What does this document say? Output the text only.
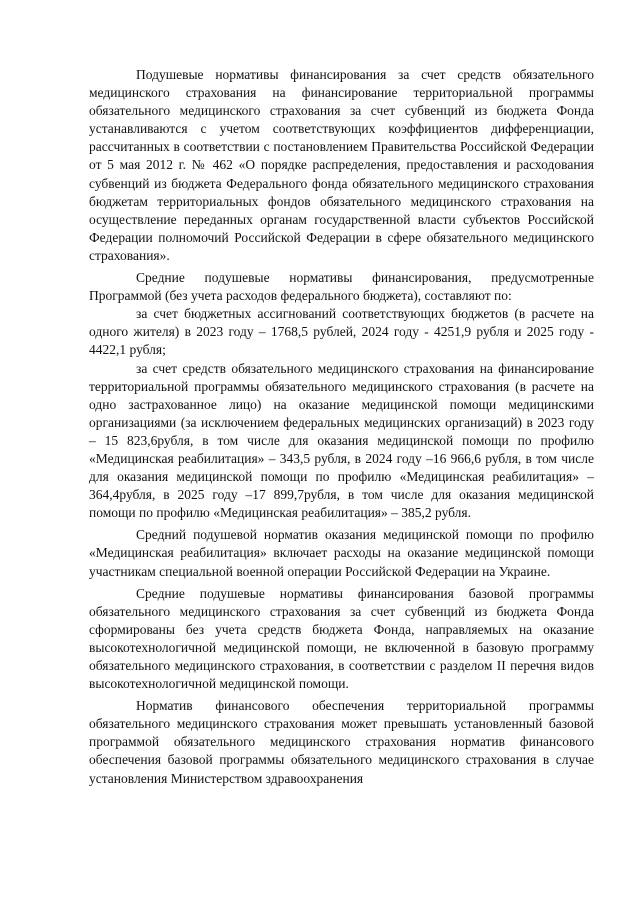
Подушевые нормативы финансирования за счет средств обязательного медицинского страхования на финансирование территориальной программы обязательного медицинского страхования за счет субвенций из бюджета Фонда устанавливаются с учетом соответствующих коэффициентов дифференциации, рассчитанных в соответствии с постановлением Правительства Российской Федерации от 5 мая 2012 г. № 462 «О порядке распределения, предоставления и расходования субвенций из бюджета Федерального фонда обязательного медицинского страхования бюджетам территориальных фондов обязательного медицинского страхования на осуществление переданных органам государственной власти субъектов Российской Федерации полномочий Российской Федерации в сфере обязательного медицинского страхования».

Средние подушевые нормативы финансирования, предусмотренные Программой (без учета расходов федерального бюджета), составляют по:

за счет бюджетных ассигнований соответствующих бюджетов (в расчете на одного жителя) в 2023 году – 1768,5 рублей, 2024 году - 4251,9 рубля и 2025 году - 4422,1 рубля;

за счет средств обязательного медицинского страхования на финансирование территориальной программы обязательного медицинского страхования (в расчете на одно застрахованное лицо) на оказание медицинской помощи медицинскими организациями (за исключением федеральных медицинских организаций) в 2023 году – 15 823,6рубля, в том числе для оказания медицинской помощи по профилю «Медицинская реабилитация» – 343,5 рубля, в 2024 году –16 966,6 рубля, в том числе для оказания медицинской помощи по профилю «Медицинская реабилитация» – 364,4рубля, в 2025 году –17 899,7рубля, в том числе для оказания медицинской помощи по профилю «Медицинская реабилитация» – 385,2 рубля.

Средний подушевой норматив оказания медицинской помощи по профилю «Медицинская реабилитация» включает расходы на оказание медицинской помощи участникам специальной военной операции Российской Федерации на Украине.

Средние подушевые нормативы финансирования базовой программы обязательного медицинского страхования за счет субвенций из бюджета Фонда сформированы без учета средств бюджета Фонда, направляемых на оказание высокотехнологичной медицинской помощи, не включенной в базовую программу обязательного медицинского страхования, в соответствии с разделом II перечня видов высокотехнологичной медицинской помощи.

Норматив финансового обеспечения территориальной программы обязательного медицинского страхования может превышать установленный базовой программой обязательного медицинского страхования норматив финансового обеспечения базовой программы обязательного медицинского страхования в случае установления Министерством здравоохранения
